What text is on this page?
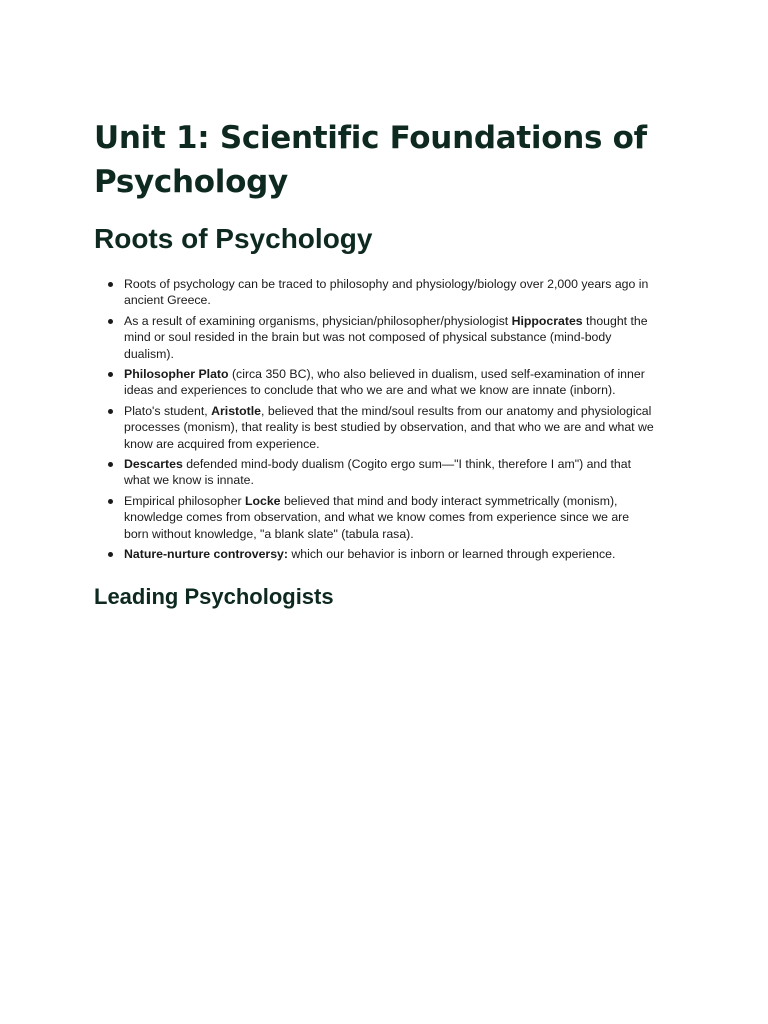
Unit 1: Scientific Foundations of Psychology
Roots of Psychology
Roots of psychology can be traced to philosophy and physiology/biology over 2,000 years ago in ancient Greece.
As a result of examining organisms, physician/philosopher/physiologist Hippocrates thought the mind or soul resided in the brain but was not composed of physical substance (mind-body dualism).
Philosopher Plato (circa 350 BC), who also believed in dualism, used self-examination of inner ideas and experiences to conclude that who we are and what we know are innate (inborn).
Plato's student, Aristotle, believed that the mind/soul results from our anatomy and physiological processes (monism), that reality is best studied by observation, and that who we are and what we know are acquired from experience.
Descartes defended mind-body dualism (Cogito ergo sum—"I think, therefore I am") and that what we know is innate.
Empirical philosopher Locke believed that mind and body interact symmetrically (monism), knowledge comes from observation, and what we know comes from experience since we are born without knowledge, "a blank slate" (tabula rasa).
Nature-nurture controversy: which our behavior is inborn or learned through experience.
Leading Psychologists
